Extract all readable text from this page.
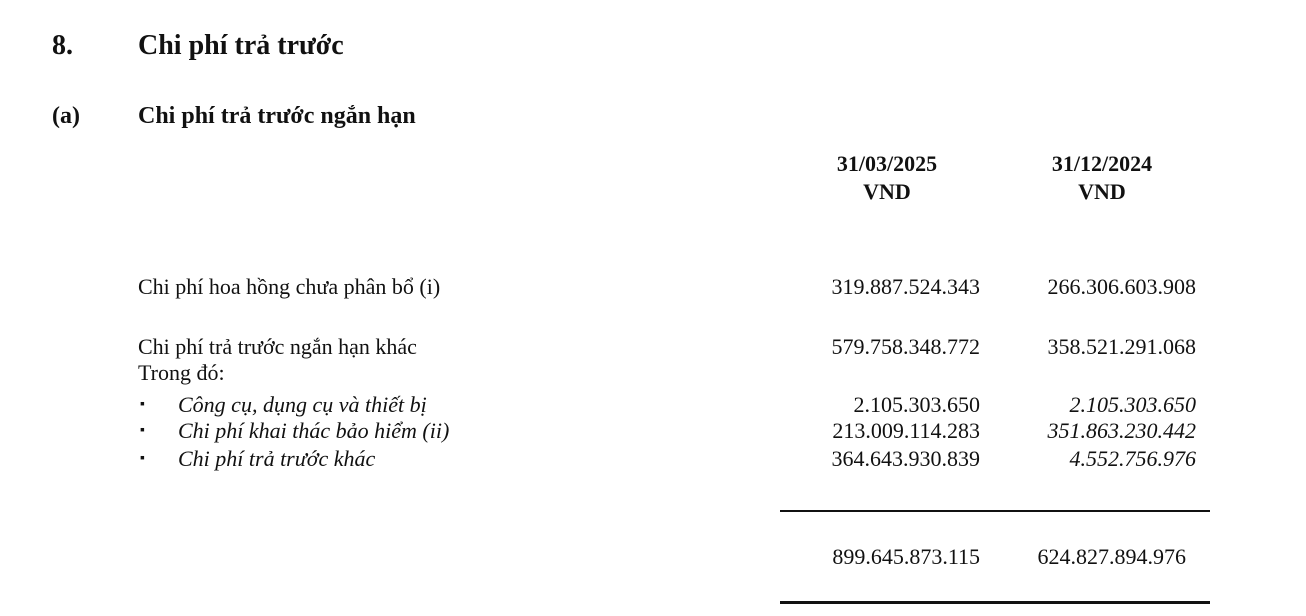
8. Chi phí trả trước
(a) Chi phí trả trước ngắn hạn
31/03/2025
VND
31/12/2024
VND
Chi phí hoa hồng chưa phân bổ (i)	319.887.524.343	266.306.603.908
Chi phí trả trước ngắn hạn khác	579.758.348.772	358.521.291.068
Trong đó:
▪ Công cụ, dụng cụ và thiết bị	2.105.303.650	2.105.303.650
▪ Chi phí khai thác bảo hiểm (ii)	213.009.114.283	351.863.230.442
▪ Chi phí trả trước khác	364.643.930.839	4.552.756.976
899.645.873.115	624.827.894.976
